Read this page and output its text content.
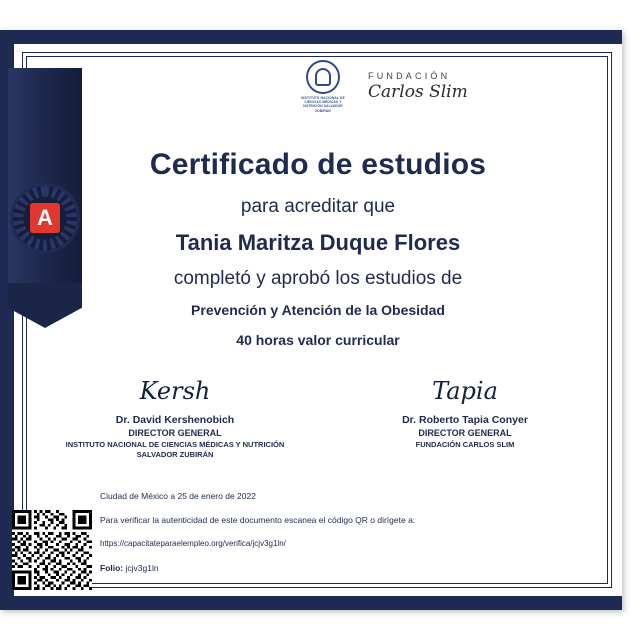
A
INSTITUTO NACIONAL DE CIENCIAS MÉDICAS Y NUTRICIÓN SALVADOR ZUBIRÁN
FUNDACIÓN
Carlos Slim
Certificado de estudios

para acreditar que

Tania Maritza Duque Flores

completó y aprobó los estudios de

Prevención y Atención de la Obesidad

40 horas valor curricular

Kersh
Dr. David Kershenobich
DIRECTOR GENERAL
INSTITUTO NACIONAL DE CIENCIAS MÉDICAS Y NUTRICIÓN SALVADOR ZUBIRÁN
Tapia
Dr. Roberto Tapia Conyer
DIRECTOR GENERAL
FUNDACIÓN CARLOS SLIM

Ciudad de México a 25 de enero de 2022

Para verificar la autenticidad de este documento escanea el código QR o dirígete a:

https://capacitateparaelempleo.org/verifica/jcjv3g1ln/

Folio: jcjv3g1ln
